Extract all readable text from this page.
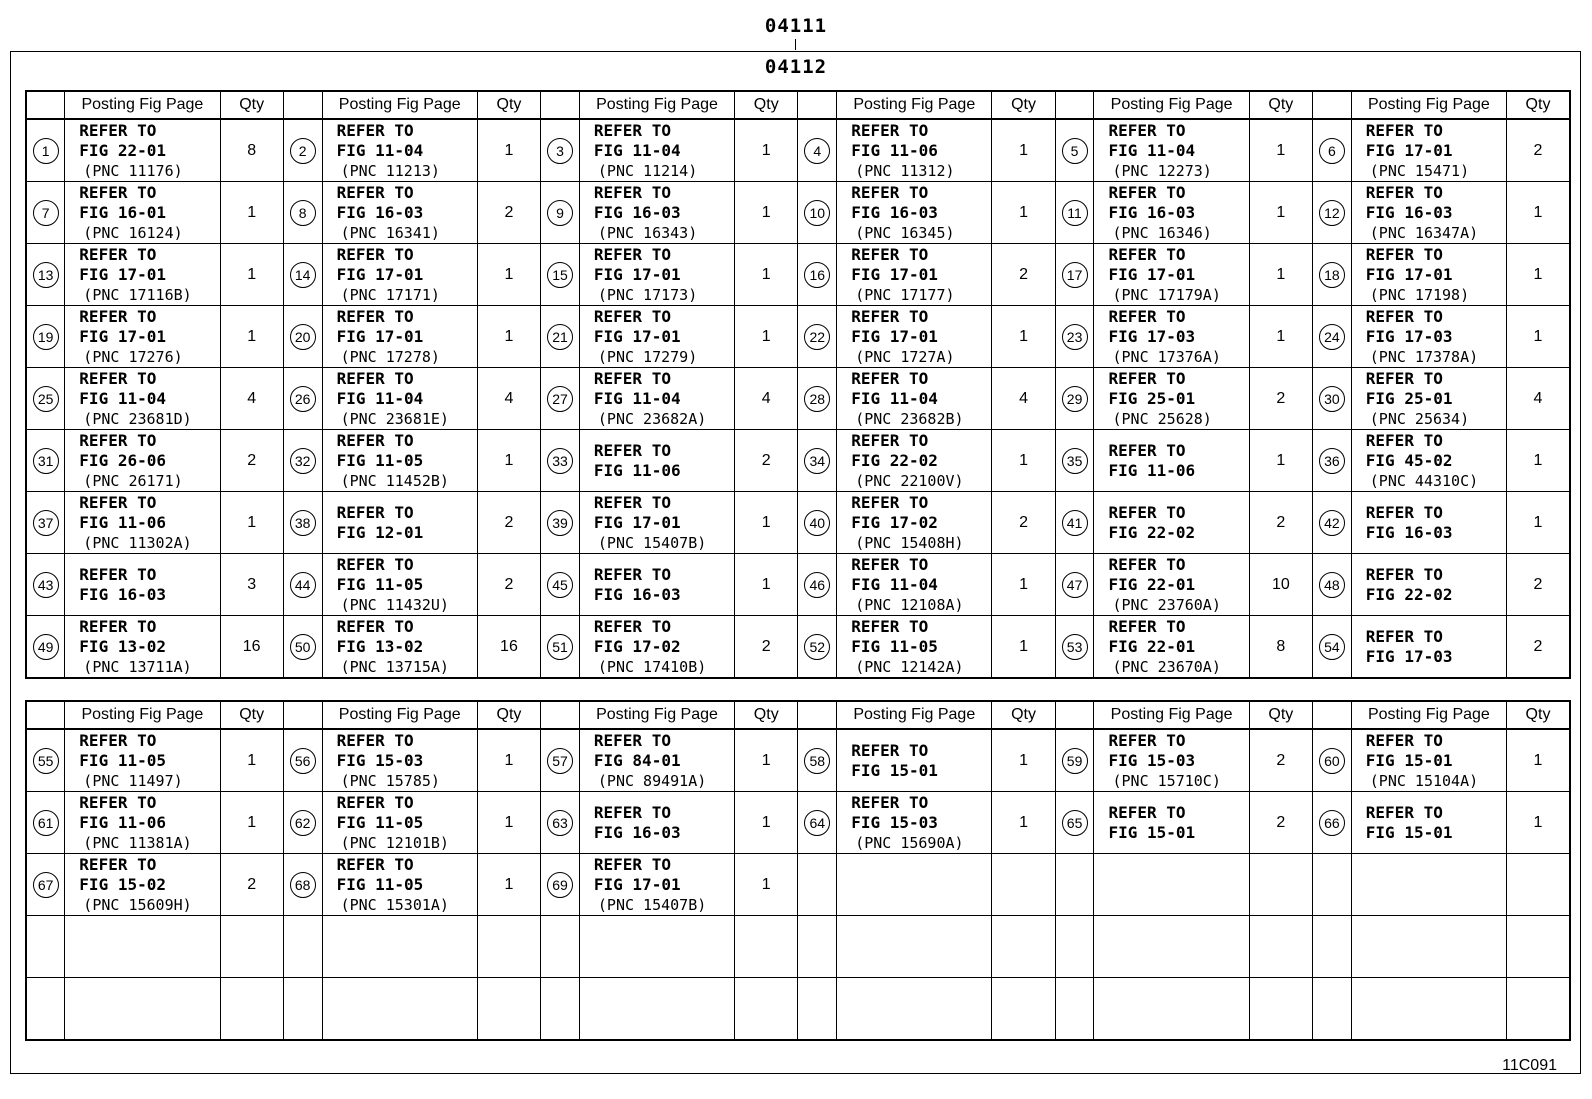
04111
04112
	Posting Fig Page	Qty		Posting Fig Page	Qty		Posting Fig Page	Qty		Posting Fig Page	Qty		Posting Fig Page	Qty		Posting Fig Page	Qty
1	REFER TO
FIG 22-01
(PNC 11176)	8	2	REFER TO
FIG 11-04
(PNC 11213)	1	3	REFER TO
FIG 11-04
(PNC 11214)	1	4	REFER TO
FIG 11-06
(PNC 11312)	1	5	REFER TO
FIG 11-04
(PNC 12273)	1	6	REFER TO
FIG 17-01
(PNC 15471)	2
7	REFER TO
FIG 16-01
(PNC 16124)	1	8	REFER TO
FIG 16-03
(PNC 16341)	2	9	REFER TO
FIG 16-03
(PNC 16343)	1	10	REFER TO
FIG 16-03
(PNC 16345)	1	11	REFER TO
FIG 16-03
(PNC 16346)	1	12	REFER TO
FIG 16-03
(PNC 16347A)	1
13	REFER TO
FIG 17-01
(PNC 17116B)	1	14	REFER TO
FIG 17-01
(PNC 17171)	1	15	REFER TO
FIG 17-01
(PNC 17173)	1	16	REFER TO
FIG 17-01
(PNC 17177)	2	17	REFER TO
FIG 17-01
(PNC 17179A)	1	18	REFER TO
FIG 17-01
(PNC 17198)	1
19	REFER TO
FIG 17-01
(PNC 17276)	1	20	REFER TO
FIG 17-01
(PNC 17278)	1	21	REFER TO
FIG 17-01
(PNC 17279)	1	22	REFER TO
FIG 17-01
(PNC 1727A)	1	23	REFER TO
FIG 17-03
(PNC 17376A)	1	24	REFER TO
FIG 17-03
(PNC 17378A)	1
25	REFER TO
FIG 11-04
(PNC 23681D)	4	26	REFER TO
FIG 11-04
(PNC 23681E)	4	27	REFER TO
FIG 11-04
(PNC 23682A)	4	28	REFER TO
FIG 11-04
(PNC 23682B)	4	29	REFER TO
FIG 25-01
(PNC 25628)	2	30	REFER TO
FIG 25-01
(PNC 25634)	4
31	REFER TO
FIG 26-06
(PNC 26171)	2	32	REFER TO
FIG 11-05
(PNC 11452B)	1	33	REFER TO
FIG 11-06	2	34	REFER TO
FIG 22-02
(PNC 22100V)	1	35	REFER TO
FIG 11-06	1	36	REFER TO
FIG 45-02
(PNC 44310C)	1
37	REFER TO
FIG 11-06
(PNC 11302A)	1	38	REFER TO
FIG 12-01	2	39	REFER TO
FIG 17-01
(PNC 15407B)	1	40	REFER TO
FIG 17-02
(PNC 15408H)	2	41	REFER TO
FIG 22-02	2	42	REFER TO
FIG 16-03	1
43	REFER TO
FIG 16-03	3	44	REFER TO
FIG 11-05
(PNC 11432U)	2	45	REFER TO
FIG 16-03	1	46	REFER TO
FIG 11-04
(PNC 12108A)	1	47	REFER TO
FIG 22-01
(PNC 23760A)	10	48	REFER TO
FIG 22-02	2
49	REFER TO
FIG 13-02
(PNC 13711A)	16	50	REFER TO
FIG 13-02
(PNC 13715A)	16	51	REFER TO
FIG 17-02
(PNC 17410B)	2	52	REFER TO
FIG 11-05
(PNC 12142A)	1	53	REFER TO
FIG 22-01
(PNC 23670A)	8	54	REFER TO
FIG 17-03	2
	Posting Fig Page	Qty		Posting Fig Page	Qty		Posting Fig Page	Qty		Posting Fig Page	Qty		Posting Fig Page	Qty		Posting Fig Page	Qty
55	REFER TO
FIG 11-05
(PNC 11497)	1	56	REFER TO
FIG 15-03
(PNC 15785)	1	57	REFER TO
FIG 84-01
(PNC 89491A)	1	58	REFER TO
FIG 15-01	1	59	REFER TO
FIG 15-03
(PNC 15710C)	2	60	REFER TO
FIG 15-01
(PNC 15104A)	1
61	REFER TO
FIG 11-06
(PNC 11381A)	1	62	REFER TO
FIG 11-05
(PNC 12101B)	1	63	REFER TO
FIG 16-03	1	64	REFER TO
FIG 15-03
(PNC 15690A)	1	65	REFER TO
FIG 15-01	2	66	REFER TO
FIG 15-01	1
67	REFER TO
FIG 15-02
(PNC 15609H)	2	68	REFER TO
FIG 11-05
(PNC 15301A)	1	69	REFER TO
FIG 17-01
(PNC 15407B)	1									

11C091
